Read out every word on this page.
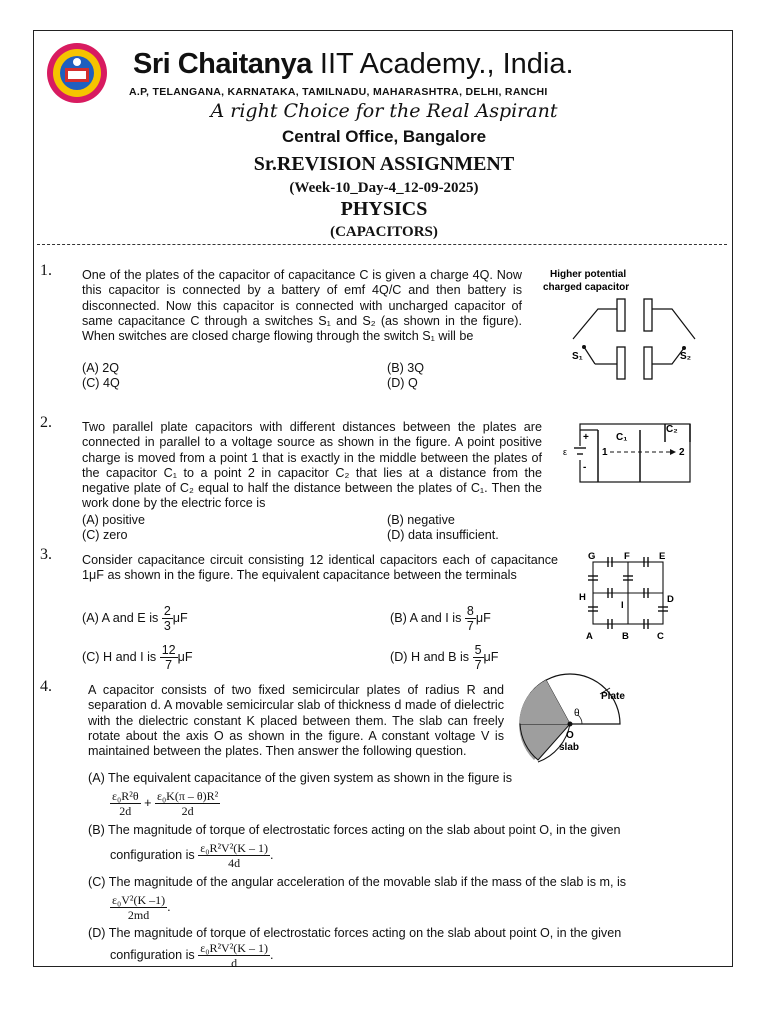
Sri Chaitanya IIT Academy., India.
A.P, TELANGANA, KARNATAKA, TAMILNADU, MAHARASHTRA, DELHI, RANCHI
A right Choice for the Real Aspirant
Central Office, Bangalore
Sr.REVISION ASSIGNMENT
(Week-10_Day-4_12-09-2025)
PHYSICS
(CAPACITORS)
1. One of the plates of the capacitor of capacitance C is given a charge 4Q. Now this capacitor is connected by a battery of emf 4Q/C and then battery is disconnected. Now this capacitor is connected with uncharged capacitor of same capacitance C through a switches S₁ and S₂ (as shown in the figure). When switches are closed charge flowing through the switch S₁ will be
(A) 2Q	(B) 3Q
(C) 4Q	(D) Q
Higher potential
charged capacitor
S₁	S₂
2. Two parallel plate capacitors with different distances between the plates are connected in parallel to a voltage source as shown in the figure. A point positive charge is moved from a point 1 that is exactly in the middle between the plates of the capacitor C₁ to a point 2 in capacitor C₂ that lies at a distance from the negative plate of C₂ equal to half the distance between the plates of C₁. Then the work done by the electric force is
(A) positive	(B) negative
(C) zero	(D) data insufficient.
ε
+
-
C₂
C₁
1	2
3. Consider capacitance circuit consisting 12 identical capacitors each of capacitance 1μF as shown in the figure. The equivalent capacitance between the terminals
(A) A and E is $\frac{2}{3}$ μF	(B) A and I is $\frac{8}{7}$ μF
(C) H and I is $\frac{12}{7}$ μF	(D) H and B is $\frac{5}{7}$ μF
G	F	E
H
I
D
A	B	C
4.	A capacitor consists of two fixed semicircular plates of radius R and separation d. A movable semicircular slab of thickness d made of dielectric with the dielectric constant K placed between them. The slab can freely rotate about the axis O as shown in the figure. A constant voltage V is maintained between the plates. Then answer the following question.
Plate
θ
O
slab
(A) The equivalent capacitance of the given system as shown in the figure is
$\frac{\text{ε₀R²θ}}{2d} + \frac{\text{ε₀K(π – θ)R²}}{2d}$
(B) The magnitude of torque of electrostatic forces acting on the slab about point O, in the given
configuration is $\frac{\text{ε₀R²V²(K – 1)}}{4d}$ .
(C) The magnitude of the angular acceleration of the movable slab if the mass of the slab is m, is
$\frac{\text{ε₀V²(K –1)}}{2md}$ .
(D) The magnitude of torque of electrostatic forces acting on the slab about point O, in the given
configuration is $\frac{\text{ε₀R²V²(K – 1)}}{d}$ .
